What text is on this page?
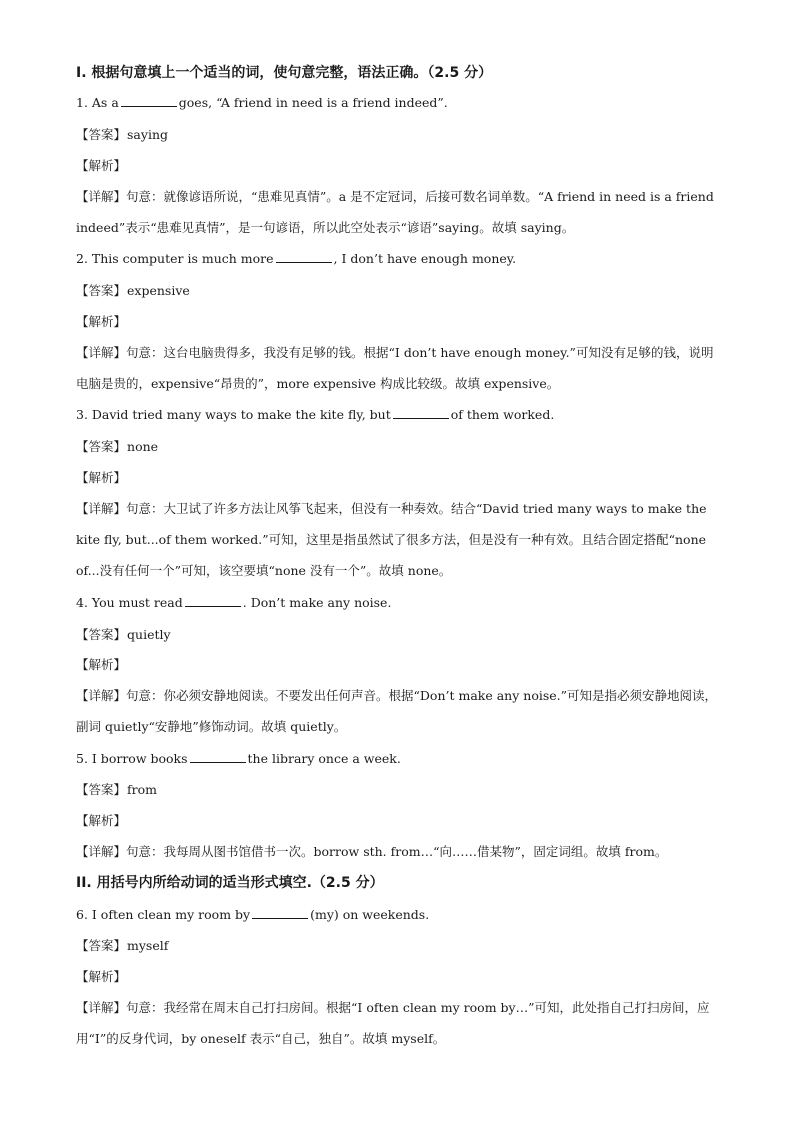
I. 根据句意填上一个适当的词，使句意完整，语法正确。（2.5 分）
1. As a	goes, “A friend in need is a friend indeed”.
【答案】saying
【解析】
【详解】句意：就像谚语所说，“患难见真情”。a 是不定冠词，后接可数名词单数。“A friend in need is a friend indeed”表示“患难见真情”，是一句谚语，所以此空处表示“谚语”saying。故填 saying。
2. This computer is much more	, I don’t have enough money.
【答案】expensive
【解析】
【详解】句意：这台电脑贵得多，我没有足够的钱。根据“I don’t have enough money.”可知没有足够的钱，说明电脑是贵的，expensive“昂贵的”，more expensive 构成比较级。故填 expensive。
3. David tried many ways to make the kite fly, but	of them worked.
【答案】none
【解析】
【详解】句意：大卫试了许多方法让风筝飞起来，但没有一种奏效。结合“David tried many ways to make the kite fly, but...of them worked.”可知，这里是指虽然试了很多方法，但是没有一种有效。且结合固定搭配“none of...没有任何一个”可知，该空要填“none 没有一个”。故填 none。
4. You must read	. Don’t make any noise.
【答案】quietly
【解析】
【详解】句意：你必须安静地阅读。不要发出任何声音。根据“Don’t make any noise.”可知是指必须安静地阅读，副词 quietly“安静地”修饰动词。故填 quietly。
5. I borrow books	the library once a week.
【答案】from
【解析】
【详解】句意：我每周从图书馆借书一次。borrow sth. from…“向……借某物”，固定词组。故填 from。
II. 用括号内所给动词的适当形式填空.（2.5 分）
6. I often clean my room by	(my) on weekends.
【答案】myself
【解析】
【详解】句意：我经常在周末自己打扫房间。根据“I often clean my room by…”可知，此处指自己打扫房间，应用“I”的反身代词，by oneself 表示“自己，独自”。故填 myself。
